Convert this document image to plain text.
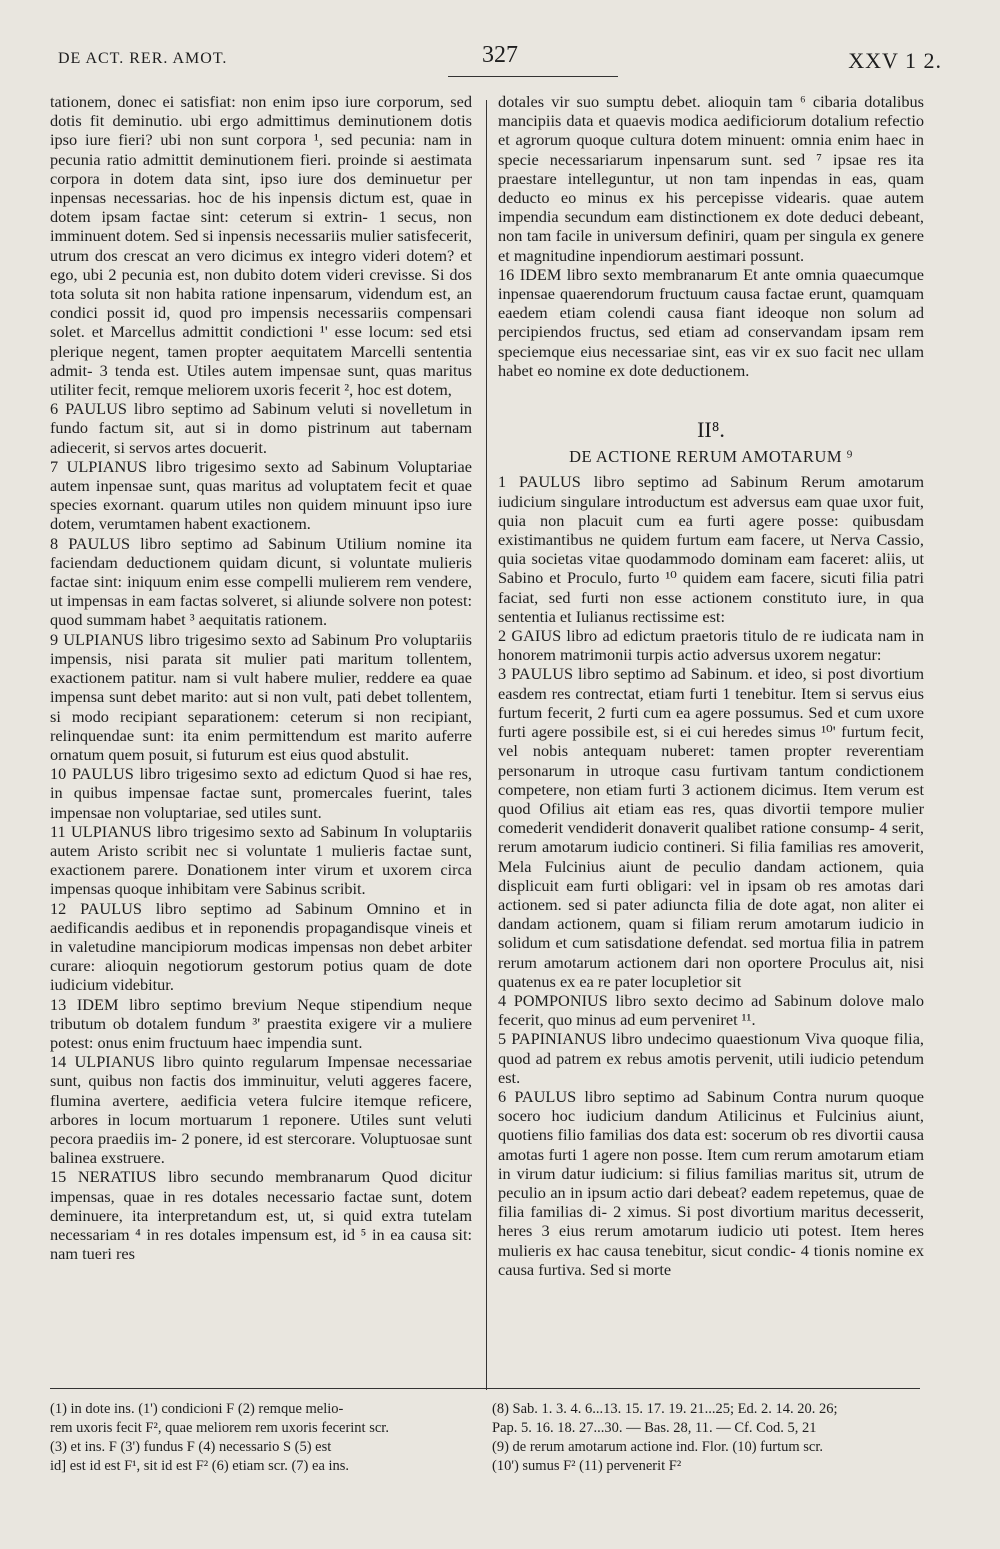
DE ACT. RER. AMOT.	327	XXV 1 2.

tationem, donec ei satisfiat: non enim ipso iure corporum, sed dotis fit deminutio. ubi ergo admittimus deminutionem dotis ipso iure fieri? ubi non sunt corpora ¹, sed pecunia: nam in pecunia ratio admittit deminutionem fieri. proinde si aestimata corpora in dotem data sint, ipso iure dos deminuetur per inpensas necessarias. hoc de his inpensis dictum est, quae in dotem ipsam factae sint: ceterum si extrin- 1 secus, non imminuent dotem. Sed si inpensis necessariis mulier satisfecerit, utrum dos crescat an vero dicimus ex integro videri dotem? et ego, ubi 2 pecunia est, non dubito dotem videri crevisse. Si dos tota soluta sit non habita ratione inpensarum, videndum est, an condici possit id, quod pro impensis necessariis compensari solet. et Marcellus admittit condictioni ¹' esse locum: sed etsi plerique negent, tamen propter aequitatem Marcelli sententia admit- 3 tenda est. Utiles autem impensae sunt, quas maritus utiliter fecit, remque meliorem uxoris fecerit ², hoc est dotem,

6 PAULUS libro septimo ad Sabinum veluti si novelletum in fundo factum sit, aut si in domo pistrinum aut tabernam adiecerit, si servos artes docuerit.

7 ULPIANUS libro trigesimo sexto ad Sabinum Voluptariae autem inpensae sunt, quas maritus ad voluptatem fecit et quae species exornant. quarum utiles non quidem minuunt ipso iure dotem, verumtamen habent exactionem.

8 PAULUS libro septimo ad Sabinum Utilium nomine ita faciendam deductionem quidam dicunt, si voluntate mulieris factae sint: iniquum enim esse compelli mulierem rem vendere, ut impensas in eam factas solveret, si aliunde solvere non potest: quod summam habet ³ aequitatis rationem.

9 ULPIANUS libro trigesimo sexto ad Sabinum Pro voluptariis impensis, nisi parata sit mulier pati maritum tollentem, exactionem patitur. nam si vult habere mulier, reddere ea quae impensa sunt debet marito: aut si non vult, pati debet tollentem, si modo recipiant separationem: ceterum si non recipiant, relinquendae sunt: ita enim permittendum est marito auferre ornatum quem posuit, si futurum est eius quod abstulit.

10 PAULUS libro trigesimo sexto ad edictum Quod si hae res, in quibus impensae factae sunt, promercales fuerint, tales impensae non voluptariae, sed utiles sunt.

11 ULPIANUS libro trigesimo sexto ad Sabinum In voluptariis autem Aristo scribit nec si voluntate 1 mulieris factae sunt, exactionem parere. Donationem inter virum et uxorem circa impensas quoque inhibitam vere Sabinus scribit.

12 PAULUS libro septimo ad Sabinum Omnino et in aedificandis aedibus et in reponendis propagandisque vineis et in valetudine mancipiorum modicas impensas non debet arbiter curare: alioquin negotiorum gestorum potius quam de dote iudicium videbitur.

13 IDEM libro septimo brevium Neque stipendium neque tributum ob dotalem fundum ³' praestita exigere vir a muliere potest: onus enim fructuum haec impendia sunt.

14 ULPIANUS libro quinto regularum Impensae necessariae sunt, quibus non factis dos imminuitur, veluti aggeres facere, flumina avertere, aedificia vetera fulcire itemque reficere, arbores in locum mortuarum 1 reponere. Utiles sunt veluti pecora praediis im- 2 ponere, id est stercorare. Voluptuosae sunt balinea exstruere.

15 NERATIUS libro secundo membranarum Quod dicitur impensas, quae in res dotales necessario factae sunt, dotem deminuere, ita interpretandum est, ut, si quid extra tutelam necessariam ⁴ in res dotales impensum est, id ⁵ in ea causa sit: nam tueri res

dotales vir suo sumptu debet. alioquin tam ⁶ cibaria dotalibus mancipiis data et quaevis modica aedificiorum dotalium refectio et agrorum quoque cultura dotem minuent: omnia enim haec in specie necessariarum inpensarum sunt. sed ⁷ ipsae res ita praestare intelleguntur, ut non tam inpendas in eas, quam deducto eo minus ex his percepisse videaris. quae autem impendia secundum eam distinctionem ex dote deduci debeant, non tam facile in universum definiri, quam per singula ex genere et magnitudine inpendiorum aestimari possunt.

16 IDEM libro sexto membranarum Et ante omnia quaecumque inpensae quaerendorum fructuum causa factae erunt, quamquam eaedem etiam colendi causa fiant ideoque non solum ad percipiendos fructus, sed etiam ad conservandam ipsam rem speciemque eius necessariae sint, eas vir ex suo facit nec ullam habet eo nomine ex dote deductionem.

II⁸.
DE ACTIONE RERUM AMOTARUM ⁹

1 PAULUS libro septimo ad Sabinum Rerum amotarum iudicium singulare introductum est adversus eam quae uxor fuit, quia non placuit cum ea furti agere posse: quibusdam existimantibus ne quidem furtum eam facere, ut Nerva Cassio, quia societas vitae quodammodo dominam eam faceret: aliis, ut Sabino et Proculo, furto ¹⁰ quidem eam facere, sicuti filia patri faciat, sed furti non esse actionem constituto iure, in qua sententia et Iulianus rectissime est:

2 GAIUS libro ad edictum praetoris titulo de re iudicata nam in honorem matrimonii turpis actio adversus uxorem negatur:

3 PAULUS libro septimo ad Sabinum. et ideo, si post divortium easdem res contrectat, etiam furti 1 tenebitur. Item si servus eius furtum fecerit, 2 furti cum ea agere possumus. Sed et cum uxore furti agere possibile est, si ei cui heredes simus ¹⁰' furtum fecit, vel nobis antequam nuberet: tamen propter reverentiam personarum in utroque casu furtivam tantum condictionem competere, non etiam furti 3 actionem dicimus. Item verum est quod Ofilius ait etiam eas res, quas divortii tempore mulier comederit vendiderit donaverit qualibet ratione consump- 4 serit, rerum amotarum iudicio contineri. Si filia familias res amoverit, Mela Fulcinius aiunt de peculio dandam actionem, quia displicuit eam furti obligari: vel in ipsam ob res amotas dari actionem. sed si pater adiuncta filia de dote agat, non aliter ei dandam actionem, quam si filiam rerum amotarum iudicio in solidum et cum satisdatione defendat. sed mortua filia in patrem rerum amotarum actionem dari non oportere Proculus ait, nisi quatenus ex ea re pater locupletior sit

4 POMPONIUS libro sexto decimo ad Sabinum dolove malo fecerit, quo minus ad eum perveniret ¹¹.

5 PAPINIANUS libro undecimo quaestionum Viva quoque filia, quod ad patrem ex rebus amotis pervenit, utili iudicio petendum est.

6 PAULUS libro septimo ad Sabinum Contra nurum quoque socero hoc iudicium dandum Atilicinus et Fulcinius aiunt, quotiens filio familias dos data est: socerum ob res divortii causa amotas furti 1 agere non posse. Item cum rerum amotarum etiam in virum datur iudicium: si filius familias maritus sit, utrum de peculio an in ipsum actio dari debeat? eadem repetemus, quae de filia familias di- 2 ximus. Si post divortium maritus decesserit, heres 3 eius rerum amotarum iudicio uti potest. Item heres mulieris ex hac causa tenebitur, sicut condic- 4 tionis nomine ex causa furtiva. Sed si morte

(1) in dote ins. (1') condicioni F (2) remque melio-
rem uxoris fecit F², quae meliorem rem uxoris fecerint scr.
(3) et ins. F (3') fundus F (4) necessario S (5) est
id] est id est F¹, sit id est F² (6) etiam scr. (7) ea ins.
(8) Sab. 1. 3. 4. 6...13. 15. 17. 19. 21...25; Ed. 2. 14. 20. 26;
Pap. 5. 16. 18. 27...30. — Bas. 28, 11. — Cf. Cod. 5, 21
(9) de rerum amotarum actione ind. Flor. (10) furtum scr.
(10') sumus F² (11) pervenerit F²
